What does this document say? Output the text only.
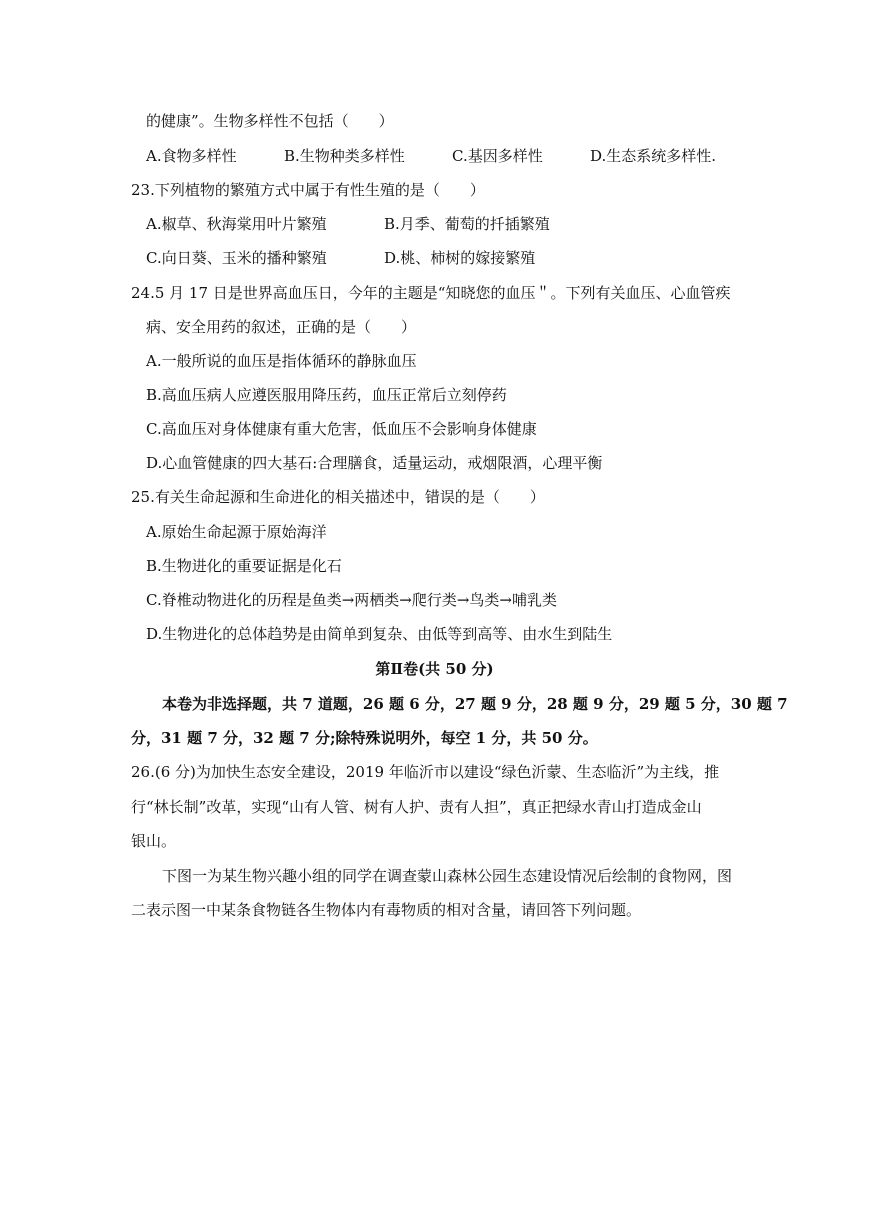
的健康”。生物多样性不包括（　　）
A.食物多样性	B.生物种类多样性	C.基因多样性	D.生态系统多样性.
23.下列植物的繁殖方式中属于有性生殖的是（　　）
A.椒草、秋海棠用叶片繁殖	B.月季、葡萄的扦插繁殖
C.向日葵、玉米的播种繁殖	D.桃、柿树的嫁接繁殖
24.5 月 17 日是世界高血压日，今年的主题是“知晓您的血压＂。下列有关血压、心血管疾
病、安全用药的叙述，正确的是（　　）
A.一般所说的血压是指体循环的静脉血压
B.高血压病人应遵医服用降压药，血压正常后立刻停药
C.高血压对身体健康有重大危害，低血压不会影响身体健康
D.心血管健康的四大基石:合理膳食，适量运动，戒烟限酒，心理平衡
25.有关生命起源和生命进化的相关描述中，错误的是（　　）
A.原始生命起源于原始海洋
B.生物进化的重要证据是化石
C.脊椎动物进化的历程是鱼类→两栖类→爬行类→鸟类→哺乳类
D.生物进化的总体趋势是由简单到复杂、由低等到高等、由水生到陆生
第Ⅱ卷(共 50 分)
本卷为非选择题，共 7 道题，26 题 6 分，27 题 9 分，28 题 9 分，29 题 5 分，30 题 7
分，31 题 7 分，32 题 7 分;除特殊说明外，每空 1 分，共 50 分。
26.(6 分)为加快生态安全建设，2019 年临沂市以建设“绿色沂蒙、生态临沂”为主线，推
行“林长制”改革，实现“山有人管、树有人护、责有人担”，真正把绿水青山打造成金山
银山。
下图一为某生物兴趣小组的同学在调查蒙山森林公园生态建设情况后绘制的食物网，图
二表示图一中某条食物链各生物体内有毒物质的相对含量，请回答下列问题。
